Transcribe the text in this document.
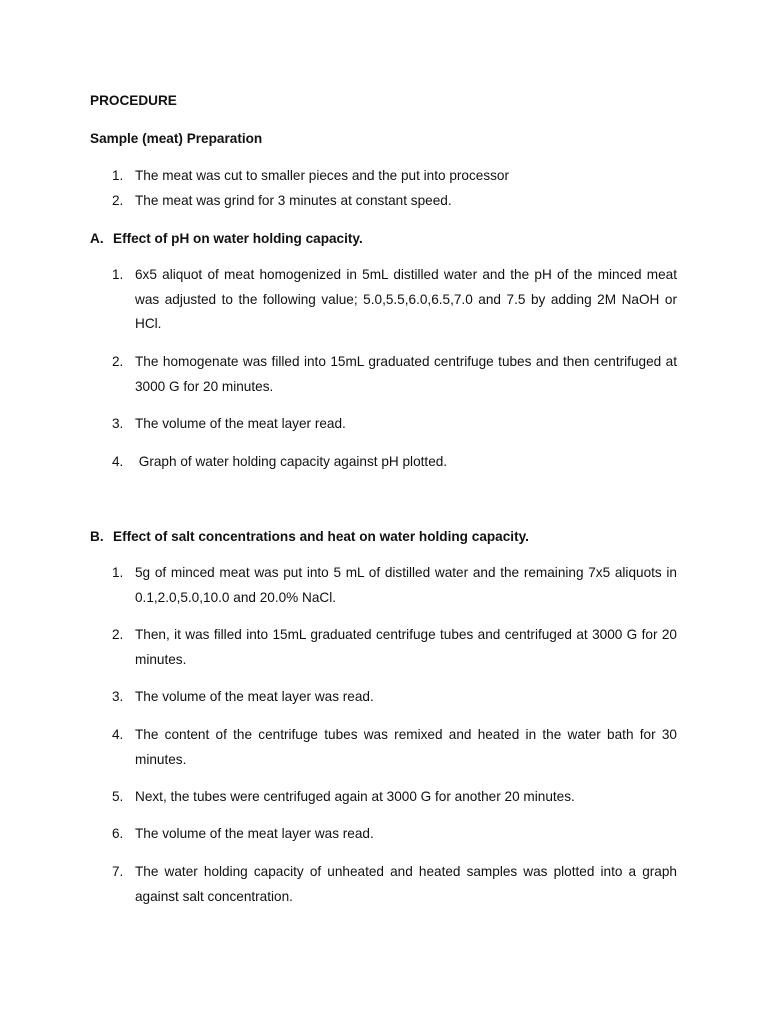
PROCEDURE
Sample (meat) Preparation
1. The meat was cut to smaller pieces and the put into processor
2. The meat was grind for 3 minutes at constant speed.
A. Effect of pH on water holding capacity.
1. 6x5 aliquot of meat homogenized in 5mL distilled water and the pH of the minced meat was adjusted to the following value; 5.0,5.5,6.0,6.5,7.0 and 7.5 by adding 2M NaOH or HCl.
2. The homogenate was filled into 15mL graduated centrifuge tubes and then centrifuged at 3000 G for 20 minutes.
3. The volume of the meat layer read.
4. Graph of water holding capacity against pH plotted.
B. Effect of salt concentrations and heat on water holding capacity.
1. 5g of minced meat was put into 5 mL of distilled water and the remaining 7x5 aliquots in 0.1,2.0,5.0,10.0 and 20.0% NaCl.
2. Then, it was filled into 15mL graduated centrifuge tubes and centrifuged at 3000 G for 20 minutes.
3. The volume of the meat layer was read.
4. The content of the centrifuge tubes was remixed and heated in the water bath for 30 minutes.
5. Next, the tubes were centrifuged again at 3000 G for another 20 minutes.
6. The volume of the meat layer was read.
7. The water holding capacity of unheated and heated samples was plotted into a graph against salt concentration.
